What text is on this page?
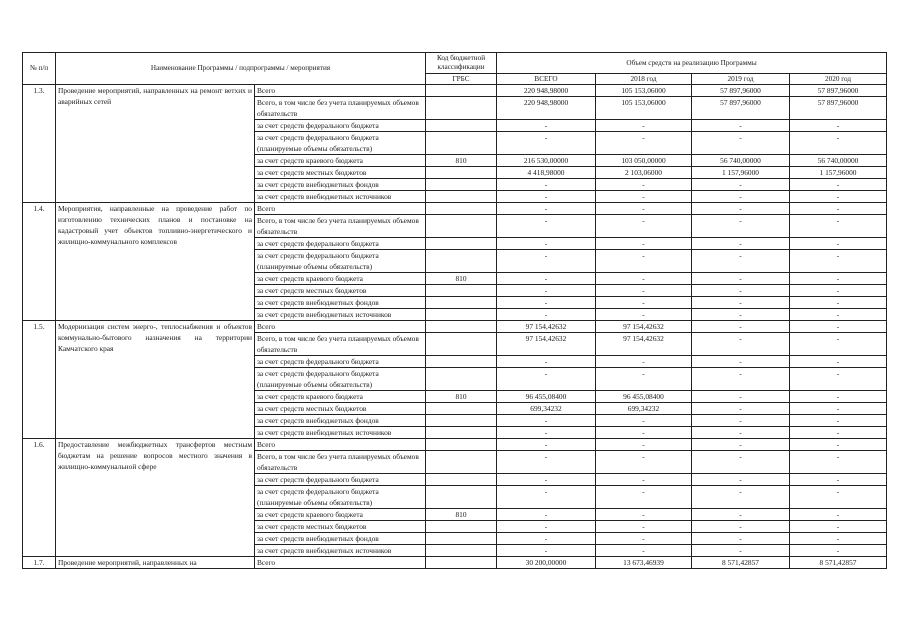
№ п/п	Наименование Программы / подпрограммы / мероприятия		Код бюджетной классификации	Объем средств на реализацию Программы			
			ГРБС	ВСЕГО	2018 год	2019 год	2020 год
1.3.	Проведение мероприятий, направленных на ремонт ветхих и аварийных сетей	Всего		220 948,98000	105 153,06000	57 897,96000	57 897,96000
		Всего, в том числе без учета планируемых объемов обязательств		220 948,98000	105 153,06000	57 897,96000	57 897,96000
		за счет средств федерального бюджета		-	-	-	-
		за счет средств федерального бюджета (планируемые объемы обязательств)		-	-	-	-
		за счет средств краевого бюджета	810	216 530,00000	103 050,00000	56 740,00000	56 740,00000
		за счет средств местных бюджетов		4 418,98000	2 103,06000	1 157,96000	1 157,96000
		за счет средств внебюджетных фондов		-	-	-	-
		за счет средств внебюджетных источников		-	-	-	-
1.4.	Мероприятия, направленные на проведение работ по изготовлению технических планов и постановке на кадастровый учет объектов топливно-энергетического и жилищно-коммунального комплексов	Всего		-	-	-	-
		Всего, в том числе без учета планируемых объемов обязательств		-	-	-	-
		за счет средств федерального бюджета		-	-	-	-
		за счет средств федерального бюджета (планируемые объемы обязательств)		-	-	-	-
		за счет средств краевого бюджета	810	-	-	-	-
		за счет средств местных бюджетов		-	-	-	-
		за счет средств внебюджетных фондов		-	-	-	-
		за счет средств внебюджетных источников		-	-	-	-
1.5.	Модернизация систем энерго-, теплоснабжения и объектов коммунально-бытового назначения на территории Камчатского края	Всего		97 154,42632	97 154,42632	-	-
		Всего, в том числе без учета планируемых объемов обязательств		97 154,42632	97 154,42632	-	-
		за счет средств федерального бюджета		-	-	-	-
		за счет средств федерального бюджета (планируемые объемы обязательств)		-	-	-	-
		за счет средств краевого бюджета	810	96 455,08400	96 455,08400	-	-
		за счет средств местных бюджетов		699,34232	699,34232	-	-
		за счет средств внебюджетных фондов		-	-	-	-
		за счет средств внебюджетных источников		-	-	-	-
1.6.	Предоставление межбюджетных трансфертов местным бюджетам на решение вопросов местного значения в жилищно-коммунальной сфере	Всего		-	-	-	-
		Всего, в том числе без учета планируемых объемов обязательств		-	-	-	-
		за счет средств федерального бюджета		-	-	-	-
		за счет средств федерального бюджета (планируемые объемы обязательств)		-	-	-	-
		за счет средств краевого бюджета	810	-	-	-	-
		за счет средств местных бюджетов		-	-	-	-
		за счет средств внебюджетных фондов		-	-	-	-
		за счет средств внебюджетных источников		-	-	-	-
1.7.	Проведение мероприятий, направленных на	Всего		30 200,00000	13 673,46939	8 571,42857	8 571,42857
